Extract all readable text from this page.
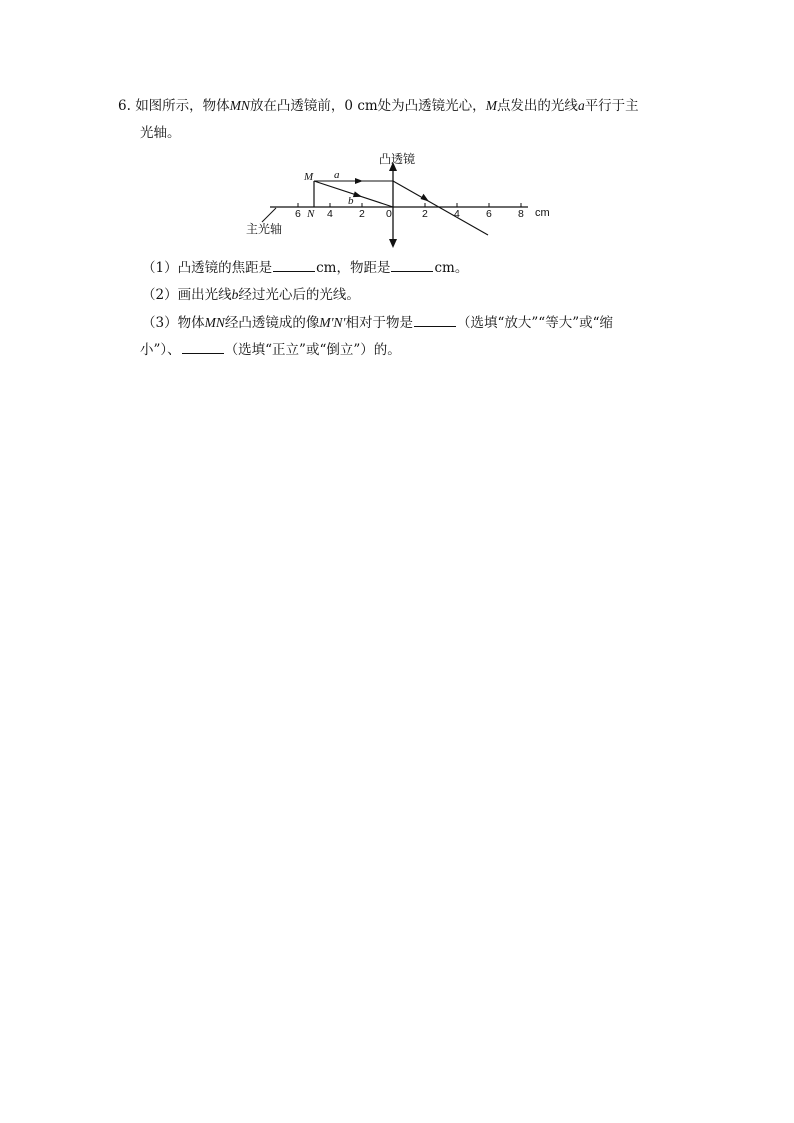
6. 如图所示，物体MN放在凸透镜前，0 cm处为凸透镜光心，M点发出的光线a平行于主
光轴。
主光轴
cm
凸透镜
M
N
a
b
6 4 2 0	2 4 6 8
（1）凸透镜的焦距是	cm，物距是	cm。
（2）画出光线b经过光心后的光线。
（3）物体MN经凸透镜成的像M′N′相对于物是	（选填“放大”“等大”或“缩
小”）、	（选填“正立”或“倒立”）的。
